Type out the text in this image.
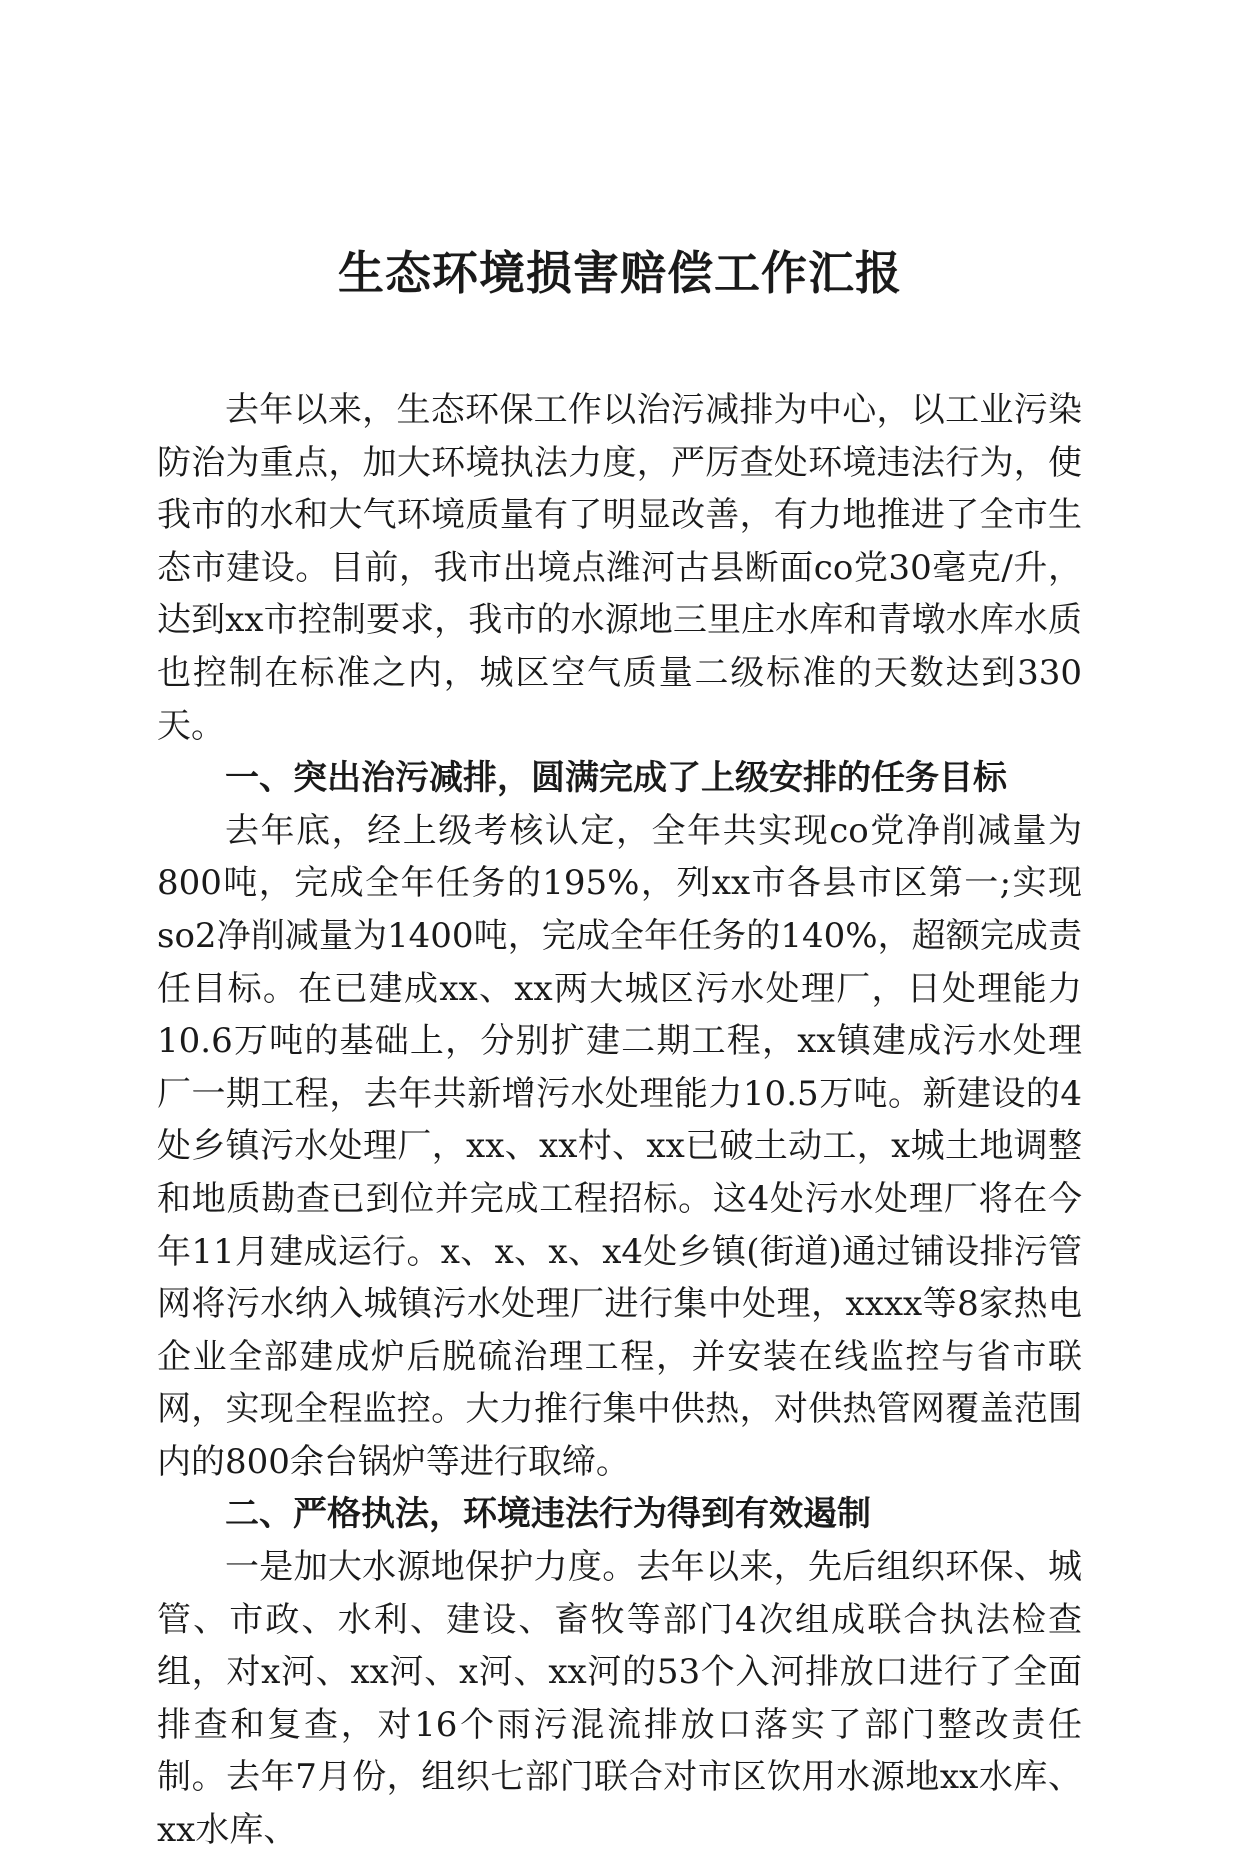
生态环境损害赔偿工作汇报

去年以来，生态环保工作以治污减排为中心，以工业污染防治为重点，加大环境执法力度，严厉查处环境违法行为，使我市的水和大气环境质量有了明显改善，有力地推进了全市生态市建设。目前，我市出境点潍河古县断面co党30毫克/升，达到xx市控制要求，我市的水源地三里庄水库和青墩水库水质也控制在标准之内，城区空气质量二级标准的天数达到330天。

一、突出治污减排，圆满完成了上级安排的任务目标

去年底，经上级考核认定，全年共实现co党净削减量为800吨，完成全年任务的195%，列xx市各县市区第一;实现so2净削减量为1400吨，完成全年任务的140%，超额完成责任目标。在已建成xx、xx两大城区污水处理厂，日处理能力10.6万吨的基础上，分别扩建二期工程，xx镇建成污水处理厂一期工程，去年共新增污水处理能力10.5万吨。新建设的4处乡镇污水处理厂，xx、xx村、xx已破土动工，x城土地调整和地质勘查已到位并完成工程招标。这4处污水处理厂将在今年11月建成运行。x、x、x、x4处乡镇(街道)通过铺设排污管网将污水纳入城镇污水处理厂进行集中处理，xxxx等8家热电企业全部建成炉后脱硫治理工程，并安装在线监控与省市联网，实现全程监控。大力推行集中供热，对供热管网覆盖范围内的800余台锅炉等进行取缔。

二、严格执法，环境违法行为得到有效遏制

一是加大水源地保护力度。去年以来，先后组织环保、城管、市政、水利、建设、畜牧等部门4次组成联合执法检查组，对x河、xx河、x河、xx河的53个入河排放口进行了全面排查和复查，对16个雨污混流排放口落实了部门整改责任制。去年7月份，组织七部门联合对市区饮用水源地xx水库、xx水库、
